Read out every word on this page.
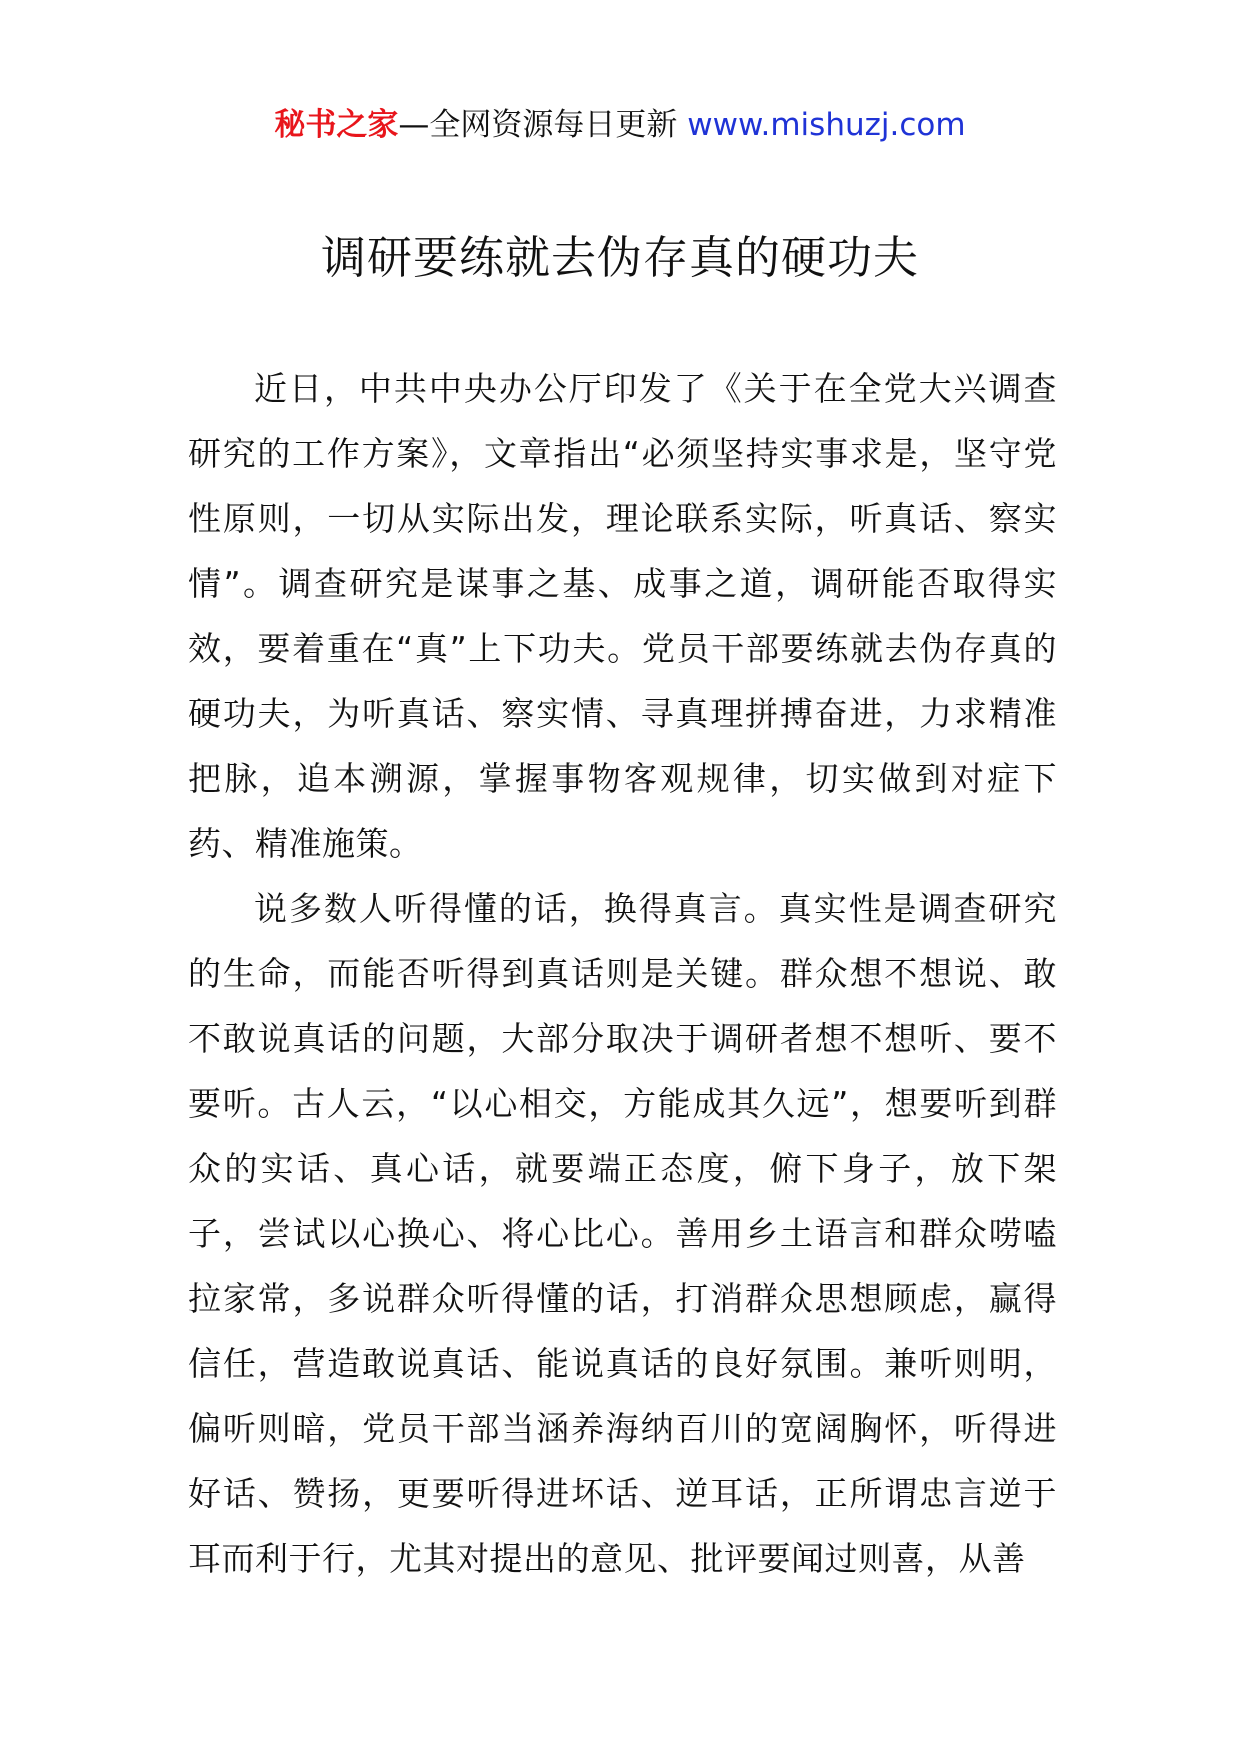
秘书之家—全网资源每日更新 www.mishuzj.com
调研要练就去伪存真的硬功夫

近日，中共中央办公厅印发了《关于在全党大兴调查研究的工作方案》，文章指出“必须坚持实事求是，坚守党性原则，一切从实际出发，理论联系实际，听真话、察实情”。调查研究是谋事之基、成事之道，调研能否取得实效，要着重在“真”上下功夫。党员干部要练就去伪存真的硬功夫，为听真话、察实情、寻真理拼搏奋进，力求精准把脉，追本溯源，掌握事物客观规律，切实做到对症下药、精准施策。

说多数人听得懂的话，换得真言。真实性是调查研究的生命，而能否听得到真话则是关键。群众想不想说、敢不敢说真话的问题，大部分取决于调研者想不想听、要不要听。古人云，“以心相交，方能成其久远”，想要听到群众的实话、真心话，就要端正态度，俯下身子，放下架子，尝试以心换心、将心比心。善用乡土语言和群众唠嗑拉家常，多说群众听得懂的话，打消群众思想顾虑，赢得信任，营造敢说真话、能说真话的良好氛围。兼听则明，偏听则暗，党员干部当涵养海纳百川的宽阔胸怀，听得进好话、赞扬，更要听得进坏话、逆耳话，正所谓忠言逆于耳而利于行，尤其对提出的意见、批评要闻过则喜，从善
